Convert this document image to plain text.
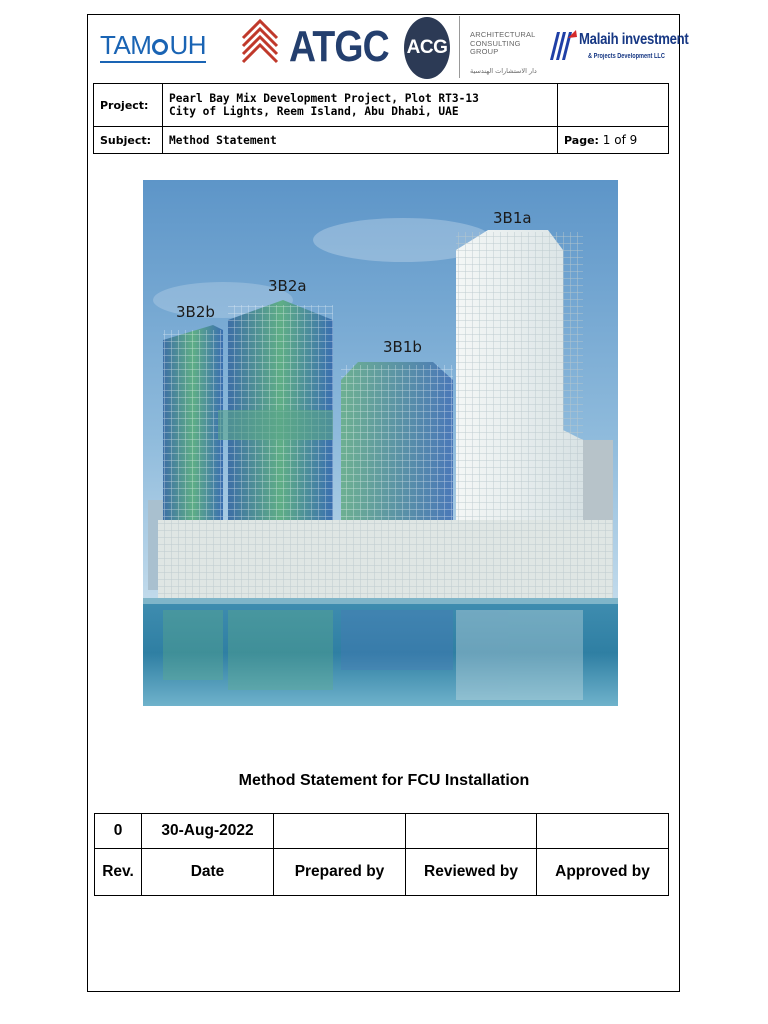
TAM UH ATGC ACG
ARCHITECTURAL
CONSULTING
GROUP
دار الاستشارات الهندسية
Malaih investment
& Projects Development LLC
Project:	Pearl Bay Mix Development Project, Plot RT3-13
City of Lights, Reem Island, Abu Dhabi, UAE	

Subject:	Method Statement	Page: 1 of 9
3B2b
3B2a
3B1b
3B1a
Method Statement for FCU Installation
0	30-Aug-2022			
Rev.	Date	Prepared by	Reviewed by	Approved by
